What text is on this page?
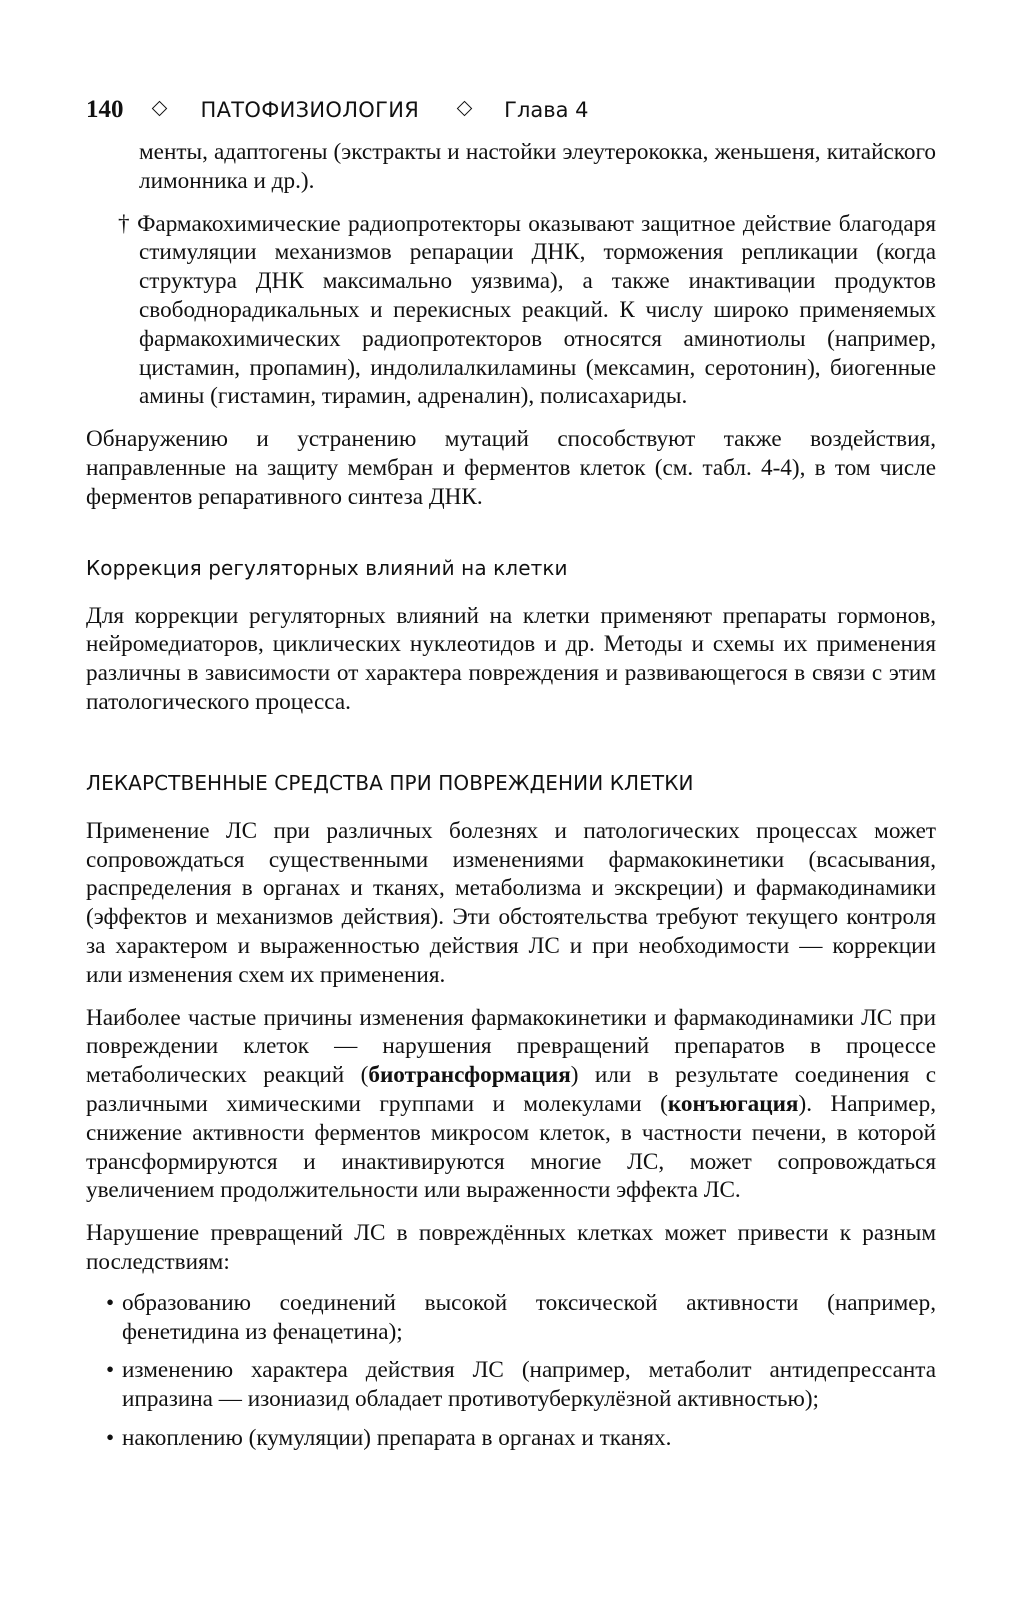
140	ПАТОФИЗИОЛОГИЯ	Глава 4

менты, адаптогены (экстракты и настойки элеутерококка, женьшеня, китайского лимонника и др.).

† Фармакохимические радиопротекторы оказывают защитное действие благодаря стимуляции механизмов репарации ДНК, торможения репликации (когда структура ДНК максимально уязвима), а также инактивации продуктов свободнорадикальных и перекисных реакций. К числу широко применяемых фармакохимических радиопротекторов относятся аминотиолы (например, цистамин, пропамин), индолилалкиламины (мексамин, серотонин), биогенные амины (гистамин, тирамин, адреналин), полисахариды.

Обнаружению и устранению мутаций способствуют также воздействия, направленные на защиту мембран и ферментов клеток (см. табл. 4-4), в том числе ферментов репаративного синтеза ДНК.

Коррекция регуляторных влияний на клетки

Для коррекции регуляторных влияний на клетки применяют препараты гормонов, нейромедиаторов, циклических нуклеотидов и др. Методы и схемы их применения различны в зависимости от характера повреждения и развивающегося в связи с этим патологического процесса.

ЛЕКАРСТВЕННЫЕ СРЕДСТВА ПРИ ПОВРЕЖДЕНИИ КЛЕТКИ

Применение ЛС при различных болезнях и патологических процессах может сопровождаться существенными изменениями фармакокинетики (всасывания, распределения в органах и тканях, метаболизма и экскреции) и фармакодинамики (эффектов и механизмов действия). Эти обстоятельства требуют текущего контроля за характером и выраженностью действия ЛС и при необходимости — коррекции или изменения схем их применения.

Наиболее частые причины изменения фармакокинетики и фармакодинамики ЛС при повреждении клеток — нарушения превращений препаратов в процессе метаболических реакций (биотрансформация) или в результате соединения с различными химическими группами и молекулами (конъюгация). Например, снижение активности ферментов микросом клеток, в частности печени, в которой трансформируются и инактивируются многие ЛС, может сопровождаться увеличением продолжительности или выраженности эффекта ЛС.

Нарушение превращений ЛС в повреждённых клетках может привести к разным последствиям:

• образованию соединений высокой токсической активности (например, фенетидина из фенацетина);
• изменению характера действия ЛС (например, метаболит антидепрессанта ипразина — изониазид обладает противотуберкулёзной активностью);
• накоплению (кумуляции) препарата в органах и тканях.
